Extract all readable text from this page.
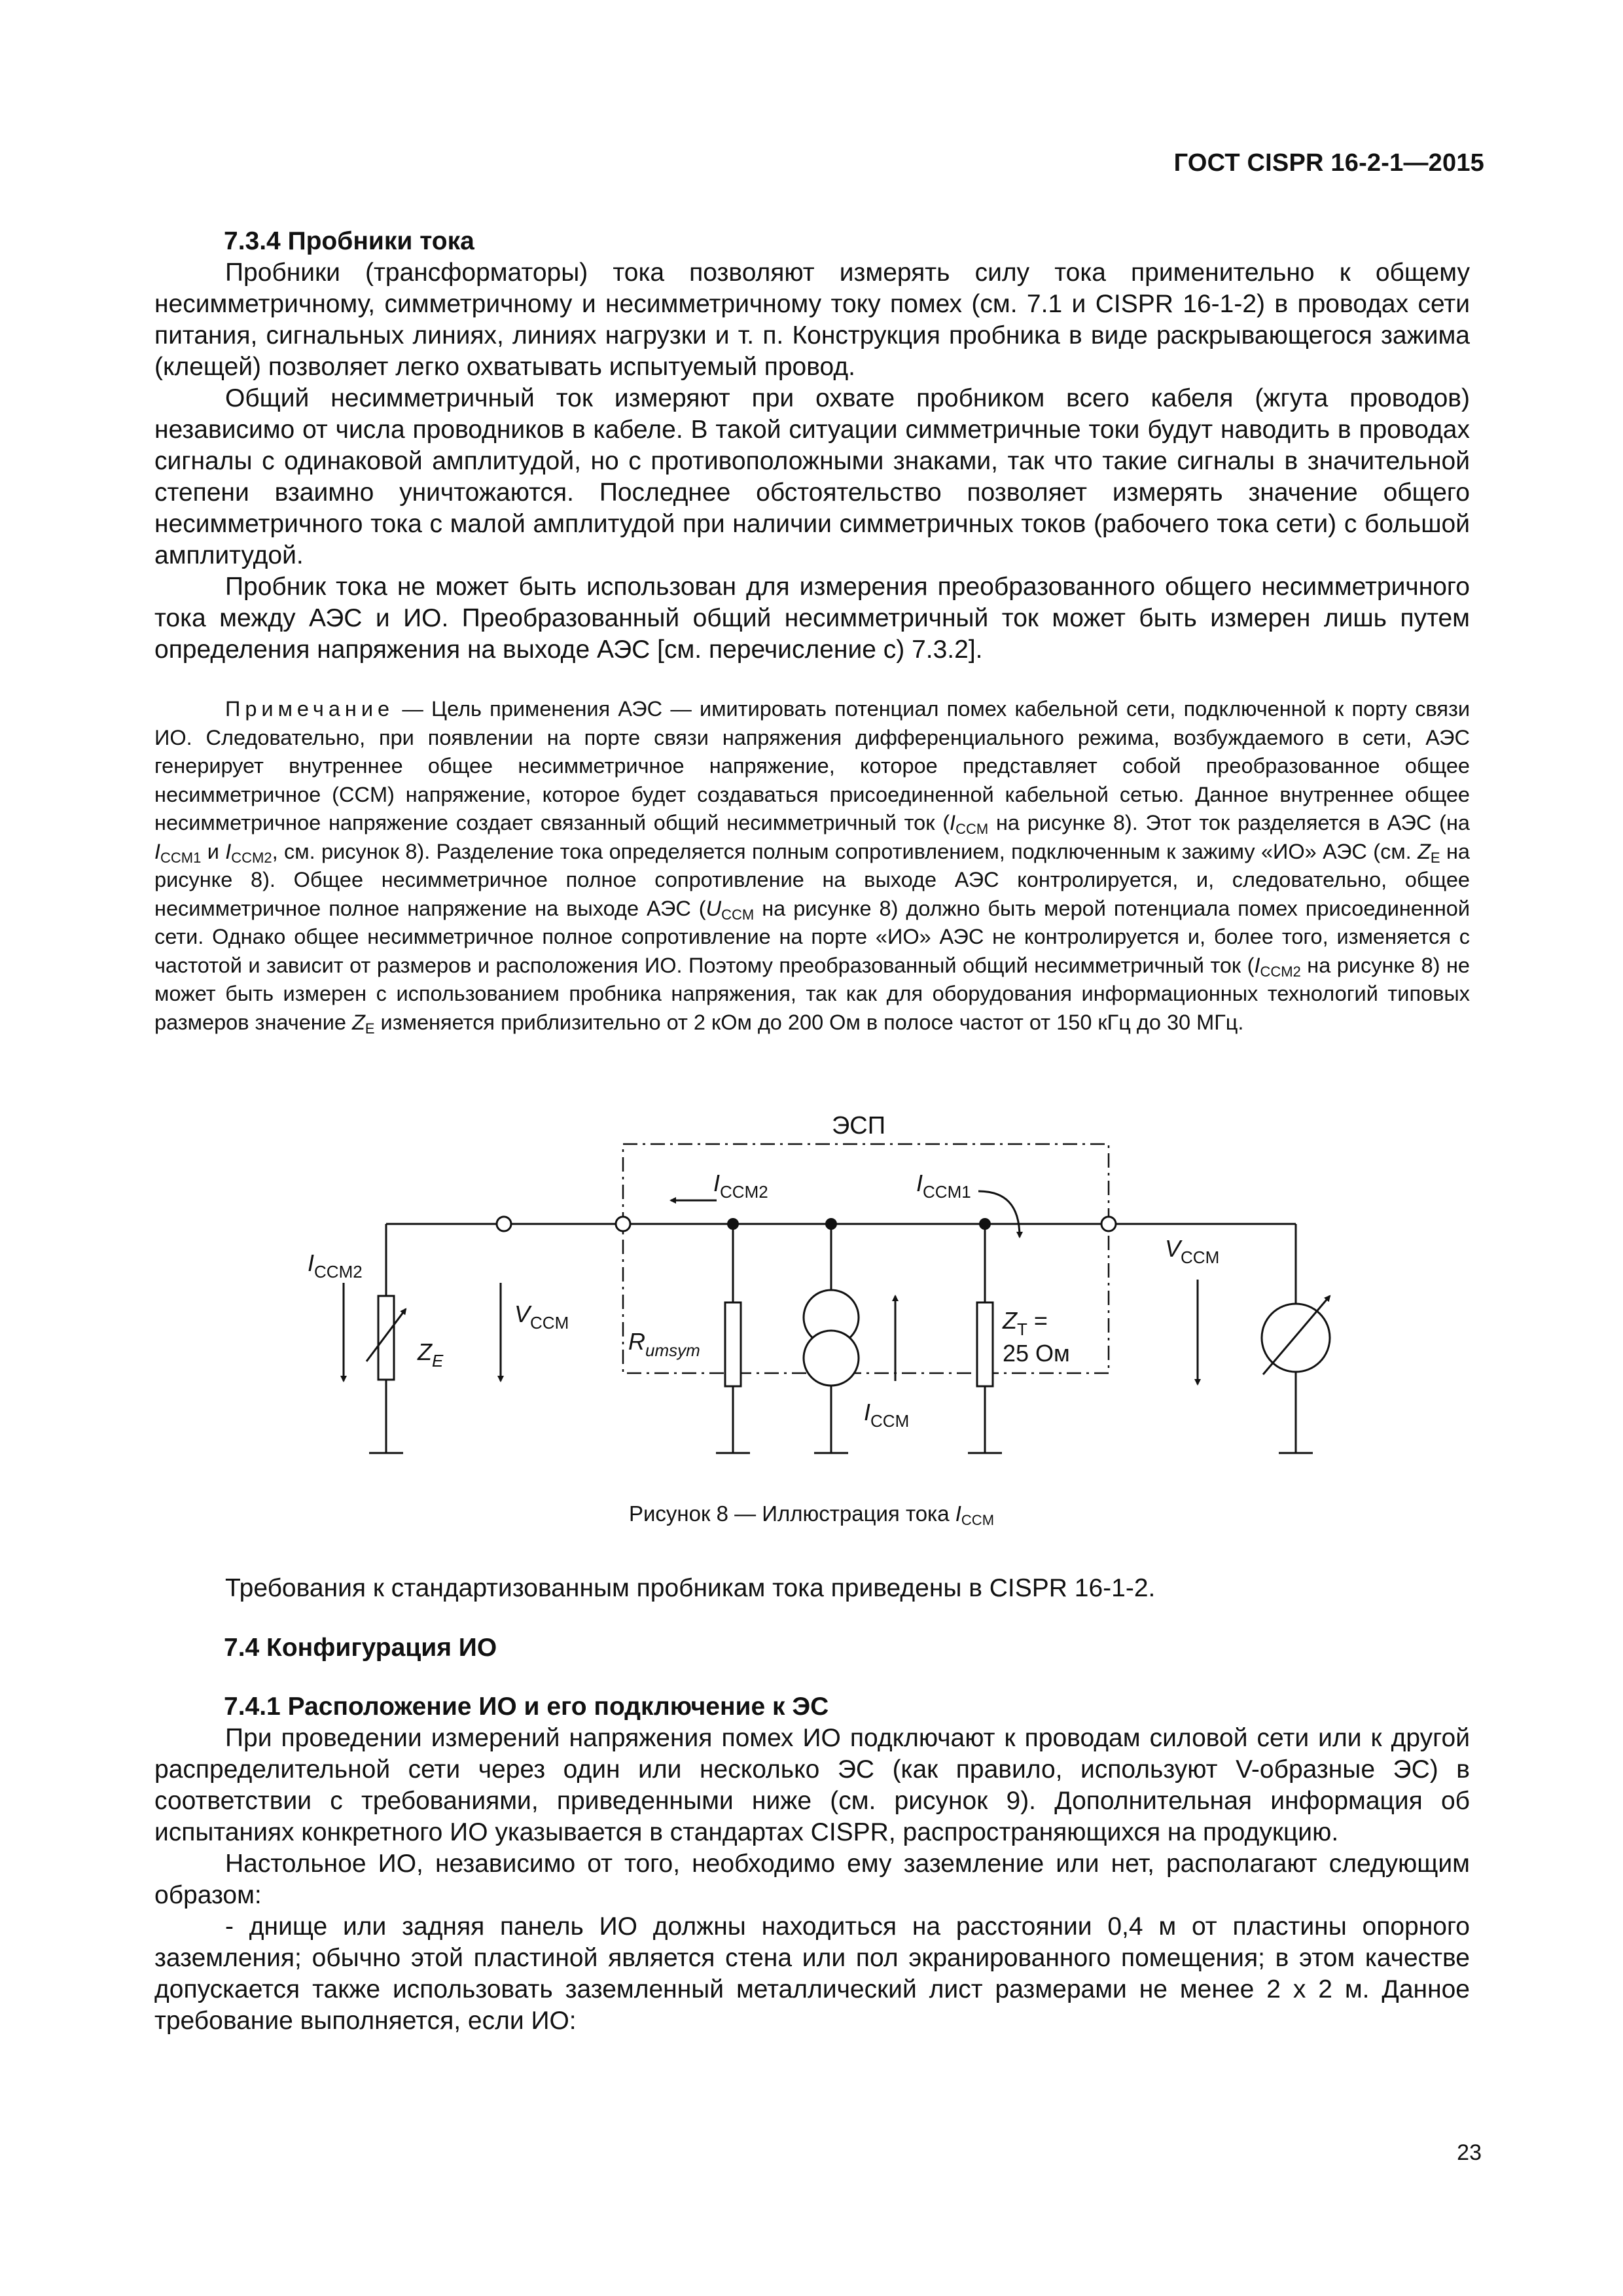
ГОСТ CISPR 16-2-1—2015

7.3.4 Пробники тока

Пробники (трансформаторы) тока позволяют измерять силу тока применительно к общему несимметричному, симметричному и несимметричному току помех (см. 7.1 и CISPR 16-1-2) в проводах сети питания, сигнальных линиях, линиях нагрузки и т. п. Конструкция пробника в виде раскрывающегося зажима (клещей) позволяет легко охватывать испытуемый провод.

Общий несимметричный ток измеряют при охвате пробником всего кабеля (жгута проводов) независимо от числа проводников в кабеле. В такой ситуации симметричные токи будут наводить в проводах сигналы с одинаковой амплитудой, но с противоположными знаками, так что такие сигналы в значительной степени взаимно уничтожаются. Последнее обстоятельство позволяет измерять значение общего несимметричного тока с малой амплитудой при наличии симметричных токов (рабочего тока сети) с большой амплитудой.

Пробник тока не может быть использован для измерения преобразованного общего несимметричного тока между АЭС и ИО. Преобразованный общий несимметричный ток может быть измерен лишь путем определения напряжения на выходе АЭС [см. перечисление с) 7.3.2].

Примечание — Цель применения АЭС — имитировать потенциал помех кабельной сети, подключенной к порту связи ИО. Следовательно, при появлении на порте связи напряжения дифференциального режима, возбуждаемого в сети, АЭС генерирует внутреннее общее несимметричное напряжение, которое представляет собой преобразованное общее несимметричное (CCM) напряжение, которое будет создаваться присоединенной кабельной сетью. Данное внутреннее общее несимметричное напряжение создает связанный общий несимметричный ток ($I_{CCM}$ на рисунке 8). Этот ток разделяется в АЭС (на $I_{CCM1}$ и $I_{CCM2}$, см. рисунок 8). Разделение тока определяется полным сопротивлением, подключенным к зажиму «ИО» АЭС (см. $Z_E$ на рисунке 8). Общее несимметричное полное сопротивление на выходе АЭС контролируется, и, следовательно, общее несимметричное полное напряжение на выходе АЭС ($U_{CCM}$ на рисунке 8) должно быть мерой потенциала помех присоединенной сети. Однако общее несимметричное полное сопротивление на порте «ИО» АЭС не контролируется и, более того, изменяется с частотой и зависит от размеров и расположения ИО. Поэтому преобразованный общий несимметричный ток ($I_{CCM2}$ на рисунке 8) не может быть измерен с использованием пробника напряжения, так как для оборудования информационных технологий типовых размеров значение $Z_E$ изменяется приблизительно от 2 кОм до 200 Ом в полосе частот от 150 кГц до 30 МГц.

ЭСП
$I_{CCM2}$	$I_{CCM1}$
$I_{CCM2}$
$Z_E$
$V_{CCM}$
$R_{umsym}$
$I_{CCM}$
$Z_T$ =
25 Ом
$V_{CCM}$
Рисунок 8 — Иллюстрация тока $I_{CCM}$

Требования к стандартизованным пробникам тока приведены в CISPR 16-1-2.

7.4 Конфигурация ИО

7.4.1 Расположение ИО и его подключение к ЭС

При проведении измерений напряжения помех ИО подключают к проводам силовой сети или к другой распределительной сети через один или несколько ЭС (как правило, используют V-образные ЭС) в соответствии с требованиями, приведенными ниже (см. рисунок 9). Дополнительная информация об испытаниях конкретного ИО указывается в стандартах CISPR, распространяющихся на продукцию.

Настольное ИО, независимо от того, необходимо ему заземление или нет, располагают следующим образом:

- днище или задняя панель ИО должны находиться на расстоянии 0,4 м от пластины опорного заземления; обычно этой пластиной является стена или пол экранированного помещения; в этом качестве допускается также использовать заземленный металлический лист размерами не менее 2 х 2 м. Данное требование выполняется, если ИО:

23
